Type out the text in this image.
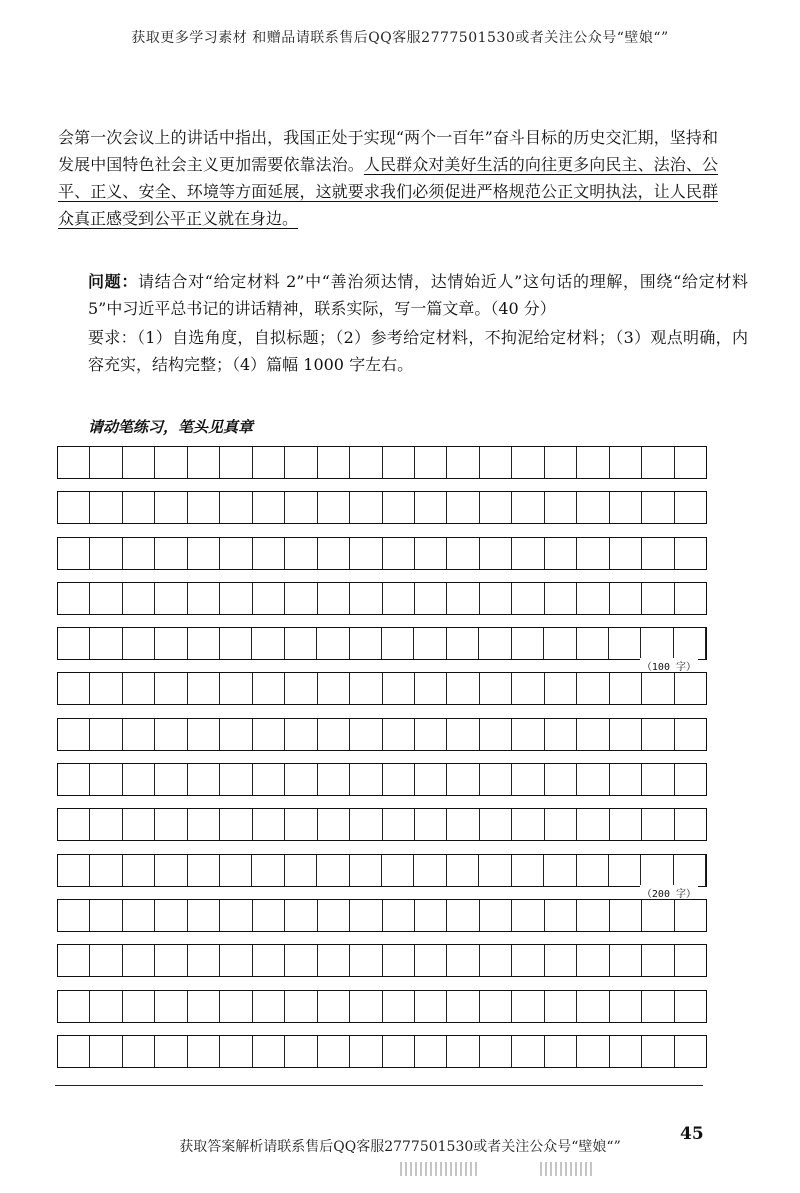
获取更多学习素材 和赠品请联系售后QQ客服2777501530或者关注公众号“壁娘“”

会第一次会议上的讲话中指出，我国正处于实现“两个一百年”奋斗目标的历史交汇期，坚持和发展中国特色社会主义更加需要依靠法治。人民群众对美好生活的向往更多向民主、法治、公平、正义、安全、环境等方面延展，这就要求我们必须促进严格规范公正文明执法，让人民群众真正感受到公平正义就在身边。

问题：请结合对“给定材料 2”中“善治须达情，达情始近人”这句话的理解，围绕“给定材料 5”中习近平总书记的讲话精神，联系实际，写一篇文章。（40 分）

要求：（1）自选角度，自拟标题；（2）参考给定材料，不拘泥给定材料；（3）观点明确，内容充实，结构完整；（4）篇幅 1000 字左右。

请动笔练习，笔头见真章
（100 字）
（200 字）
获取答案解析请联系售后QQ客服2777501530或者关注公众号“壁娘“”
45
